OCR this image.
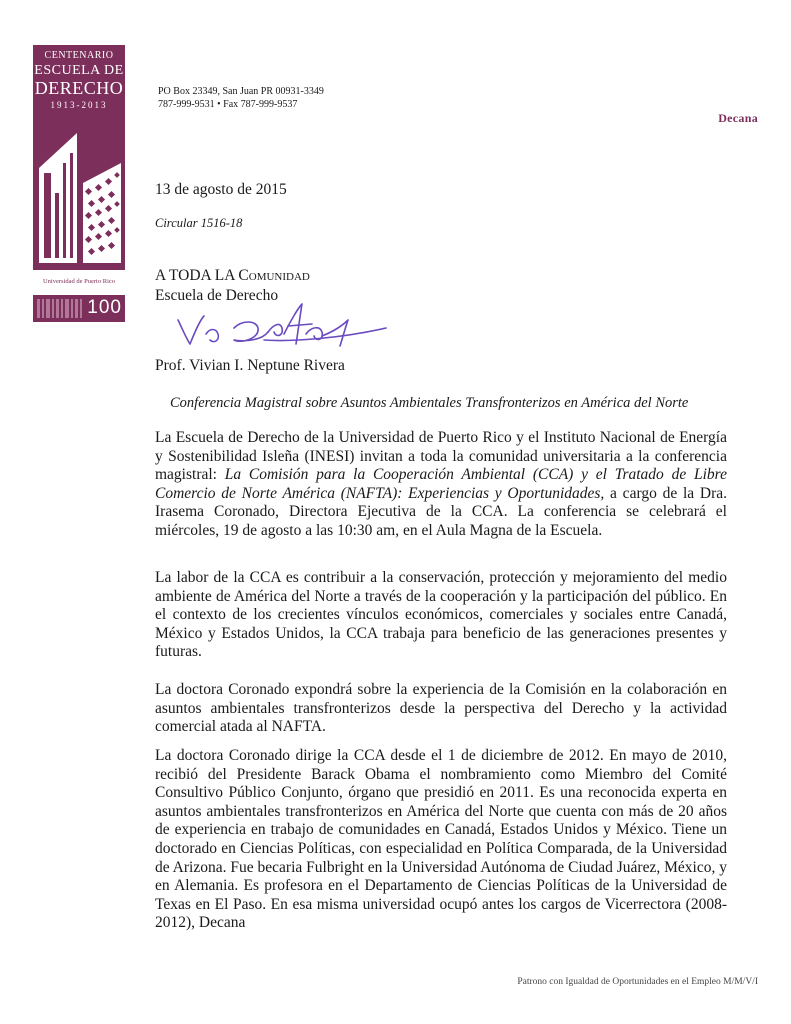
CENTENARIO
ESCUELA DE
DERECHO
1913-2013
Universidad de Puerto Rico
100
PO Box 23349, San Juan PR 00931-3349
787-999-9531 • Fax 787-999-9537
Decana
13 de agosto de 2015
Circular 1516-18
A TODA LA Comunidad
Escuela de Derecho
Prof. Vivian I. Neptune Rivera
Conferencia Magistral sobre Asuntos Ambientales Transfronterizos en América del Norte

La Escuela de Derecho de la Universidad de Puerto Rico y el Instituto Nacional de Energía y Sostenibilidad Isleña (INESI) invitan a toda la comunidad universitaria a la conferencia magistral: La Comisión para la Cooperación Ambiental (CCA) y el Tratado de Libre Comercio de Norte América (NAFTA): Experiencias y Oportunidades, a cargo de la Dra. Irasema Coronado, Directora Ejecutiva de la CCA. La conferencia se celebrará el miércoles, 19 de agosto a las 10:30 am, en el Aula Magna de la Escuela.

La labor de la CCA es contribuir a la conservación, protección y mejoramiento del medio ambiente de América del Norte a través de la cooperación y la participación del público. En el contexto de los crecientes vínculos económicos, comerciales y sociales entre Canadá, México y Estados Unidos, la CCA trabaja para beneficio de las generaciones presentes y futuras.

La doctora Coronado expondrá sobre la experiencia de la Comisión en la colaboración en asuntos ambientales transfronterizos desde la perspectiva del Derecho y la actividad comercial atada al NAFTA.

La doctora Coronado dirige la CCA desde el 1 de diciembre de 2012. En mayo de 2010, recibió del Presidente Barack Obama el nombramiento como Miembro del Comité Consultivo Público Conjunto, órgano que presidió en 2011. Es una reconocida experta en asuntos ambientales transfronterizos en América del Norte que cuenta con más de 20 años de experiencia en trabajo de comunidades en Canadá, Estados Unidos y México. Tiene un doctorado en Ciencias Políticas, con especialidad en Política Comparada, de la Universidad de Arizona. Fue becaria Fulbright en la Universidad Autónoma de Ciudad Juárez, México, y en Alemania. Es profesora en el Departamento de Ciencias Políticas de la Universidad de Texas en El Paso. En esa misma universidad ocupó antes los cargos de Vicerrectora (2008-2012), Decana

Patrono con Igualdad de Oportunidades en el Empleo M/M/V/I
